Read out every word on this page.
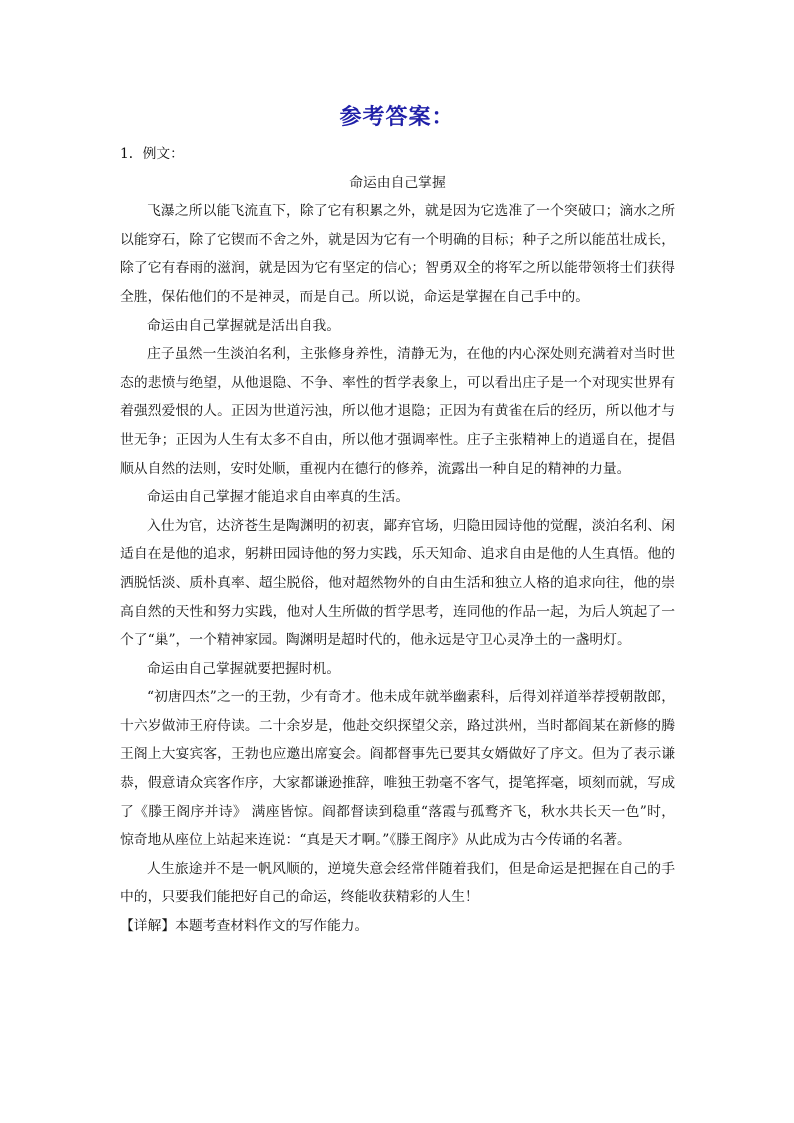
参考答案：
1．例文：
命运由自己掌握
飞瀑之所以能飞流直下，除了它有积累之外，就是因为它选准了一个突破口；滴水之所
以能穿石，除了它锲而不舍之外，就是因为它有一个明确的目标；种子之所以能茁壮成长，
除了它有春雨的滋润，就是因为它有坚定的信心；智勇双全的将军之所以能带领将士们获得
全胜，保佑他们的不是神灵，而是自己。所以说，命运是掌握在自己手中的。
命运由自己掌握就是活出自我。
庄子虽然一生淡泊名利，主张修身养性，清静无为，在他的内心深处则充满着对当时世
态的悲愤与绝望，从他退隐、不争、率性的哲学表象上，可以看出庄子是一个对现实世界有
着强烈爱恨的人。正因为世道污浊，所以他才退隐；正因为有黄雀在后的经历，所以他才与
世无争；正因为人生有太多不自由，所以他才强调率性。庄子主张精神上的逍遥自在，提倡
顺从自然的法则，安时处顺，重视内在德行的修养，流露出一种自足的精神的力量。
命运由自己掌握才能追求自由率真的生活。
入仕为官，达济苍生是陶渊明的初衷，鄙弃官场，归隐田园诗他的觉醒，淡泊名利、闲
适自在是他的追求，躬耕田园诗他的努力实践，乐天知命、追求自由是他的人生真悟。他的
洒脱恬淡、质朴真率、超尘脱俗，他对超然物外的自由生活和独立人格的追求向往，他的崇
高自然的天性和努力实践，他对人生所做的哲学思考，连同他的作品一起，为后人筑起了一
个了“巢”，一个精神家园。陶渊明是超时代的，他永远是守卫心灵净土的一盏明灯。
命运由自己掌握就要把握时机。
“初唐四杰”之一的王勃，少有奇才。他未成年就举幽素科，后得刘祥道举荐授朝散郎，
十六岁做沛王府侍读。二十余岁是，他赴交织探望父亲，路过洪州，当时都阎某在新修的腾
王阁上大宴宾客，王勃也应邀出席宴会。阎都督事先已要其女婿做好了序文。但为了表示谦
恭，假意请众宾客作序，大家都谦逊推辞，唯独王勃毫不客气，提笔挥毫，顷刻而就，写成
了《滕王阁序并诗》 满座皆惊。阎都督读到稳重“落霞与孤鹜齐飞，秋水共长天一色”时，
惊奇地从座位上站起来连说：“真是天才啊。”《滕王阁序》从此成为古今传诵的名著。
人生旅途并不是一帆风顺的，逆境失意会经常伴随着我们，但是命运是把握在自己的手
中的，只要我们能把好自己的命运，终能收获精彩的人生！
【详解】本题考查材料作文的写作能力。
